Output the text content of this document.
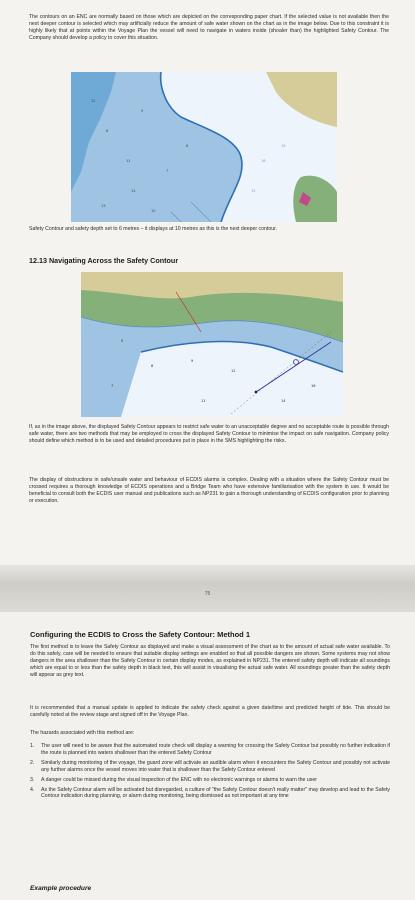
The contours on an ENC are normally based on those which are depicted on the corresponding paper chart. If the selected value is not available then the next deeper contour is selected which may artificially reduce the amount of safe water shown on the chart as in the image below. Due to this constraint it is highly likely that at points within the Voyage Plan the vessel will need to navigate in waters inside (shoaler than) the highlighted Safety Contour. The Company should develop a policy to cover this situation.

12
8
11
9
14
7
13
10
6
16
18
15

Safety Contour and safety depth set to 6 metres – it displays at 10 metres as this is the next deeper contour.

12.13 Navigating Across the Safety Contour
5
8
9
12
7
11	14
16

If, as in the image above, the displayed Safety Contour appears to restrict safe water to an unacceptable degree and no acceptable route is possible through safe water, there are two methods that may be employed to cross the displayed Safety Contour to minimise the impact on safe navigation. Company policy should define which method is to be used and detailed procedures put in place in the SMS highlighting the risks.

The display of obstructions in safe/unsafe water and behaviour of ECDIS alarms is complex. Dealing with a situation where the Safety Contour must be crossed requires a thorough knowledge of ECDIS operations and a Bridge Team who have extensive familiarisation with the system in use. It would be beneficial to consult both the ECDIS user manual and publications such as NP231 to gain a thorough understanding of ECDIS configuration prior to planning or execution.

75
Configuring the ECDIS to Cross the Safety Contour: Method 1

The first method is to leave the Safety Contour as displayed and make a visual assessment of the chart as to the amount of actual safe water available. To do this safely, care will be needed to ensure that suitable display settings are enabled so that all possible dangers are shown. Some systems may not show dangers in the area shallower than the Safety Contour in certain display modes, as explained in NP231. The entered safety depth will indicate all soundings which are equal to or less than the safety depth in black text, this will assist in visualising the actual safe water. All soundings greater than the safety depth will appear as grey text.

It is recommended that a manual update is applied to indicate the safety check against a given date/time and predicted height of tide. This should be carefully noted at the review stage and signed off in the Voyage Plan.

The hazards associated with this method are:

1. The user will need to be aware that the automated route check will display a warning for crossing the Safety Contour but possibly no further indication if the route is planned into waters shallower than the entered Safety Contour
2. Similarly during monitoring of the voyage, the guard zone will activate an audible alarm when it encounters the Safety Contour and possibly not activate any further alarms once the vessel moves into water that is shallower than the Safety Contour entered
3. A danger could be missed during the visual inspection of the ENC with no electronic warnings or alarms to warn the user
4. As the Safety Contour alarm will be activated but disregarded, a culture of "the Safety Contour doesn't really matter" may develop and lead to the Safety Contour indication during planning, or alarm during monitoring, being dismissed as not important at any time
Example procedure
